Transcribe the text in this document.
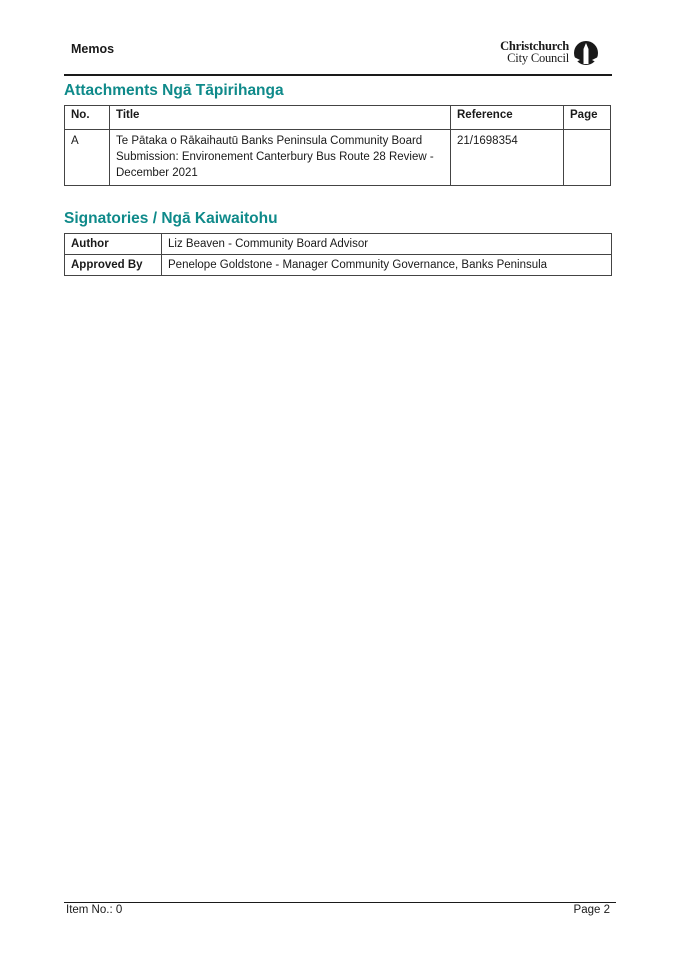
Memos	Christchurch
City Council
Attachments Ngā Tāpirihanga
No.	Title	Reference	Page
A	Te Pātaka o Rākaihautū Banks Peninsula Community Board Submission: Environement Canterbury Bus Route 28 Review - December 2021	21/1698354	
Signatories / Ngā Kaiwaitohu
Author	Liz Beaven - Community Board Advisor
Approved By	Penelope Goldstone - Manager Community Governance, Banks Peninsula
Item No.: 0	Page 2
